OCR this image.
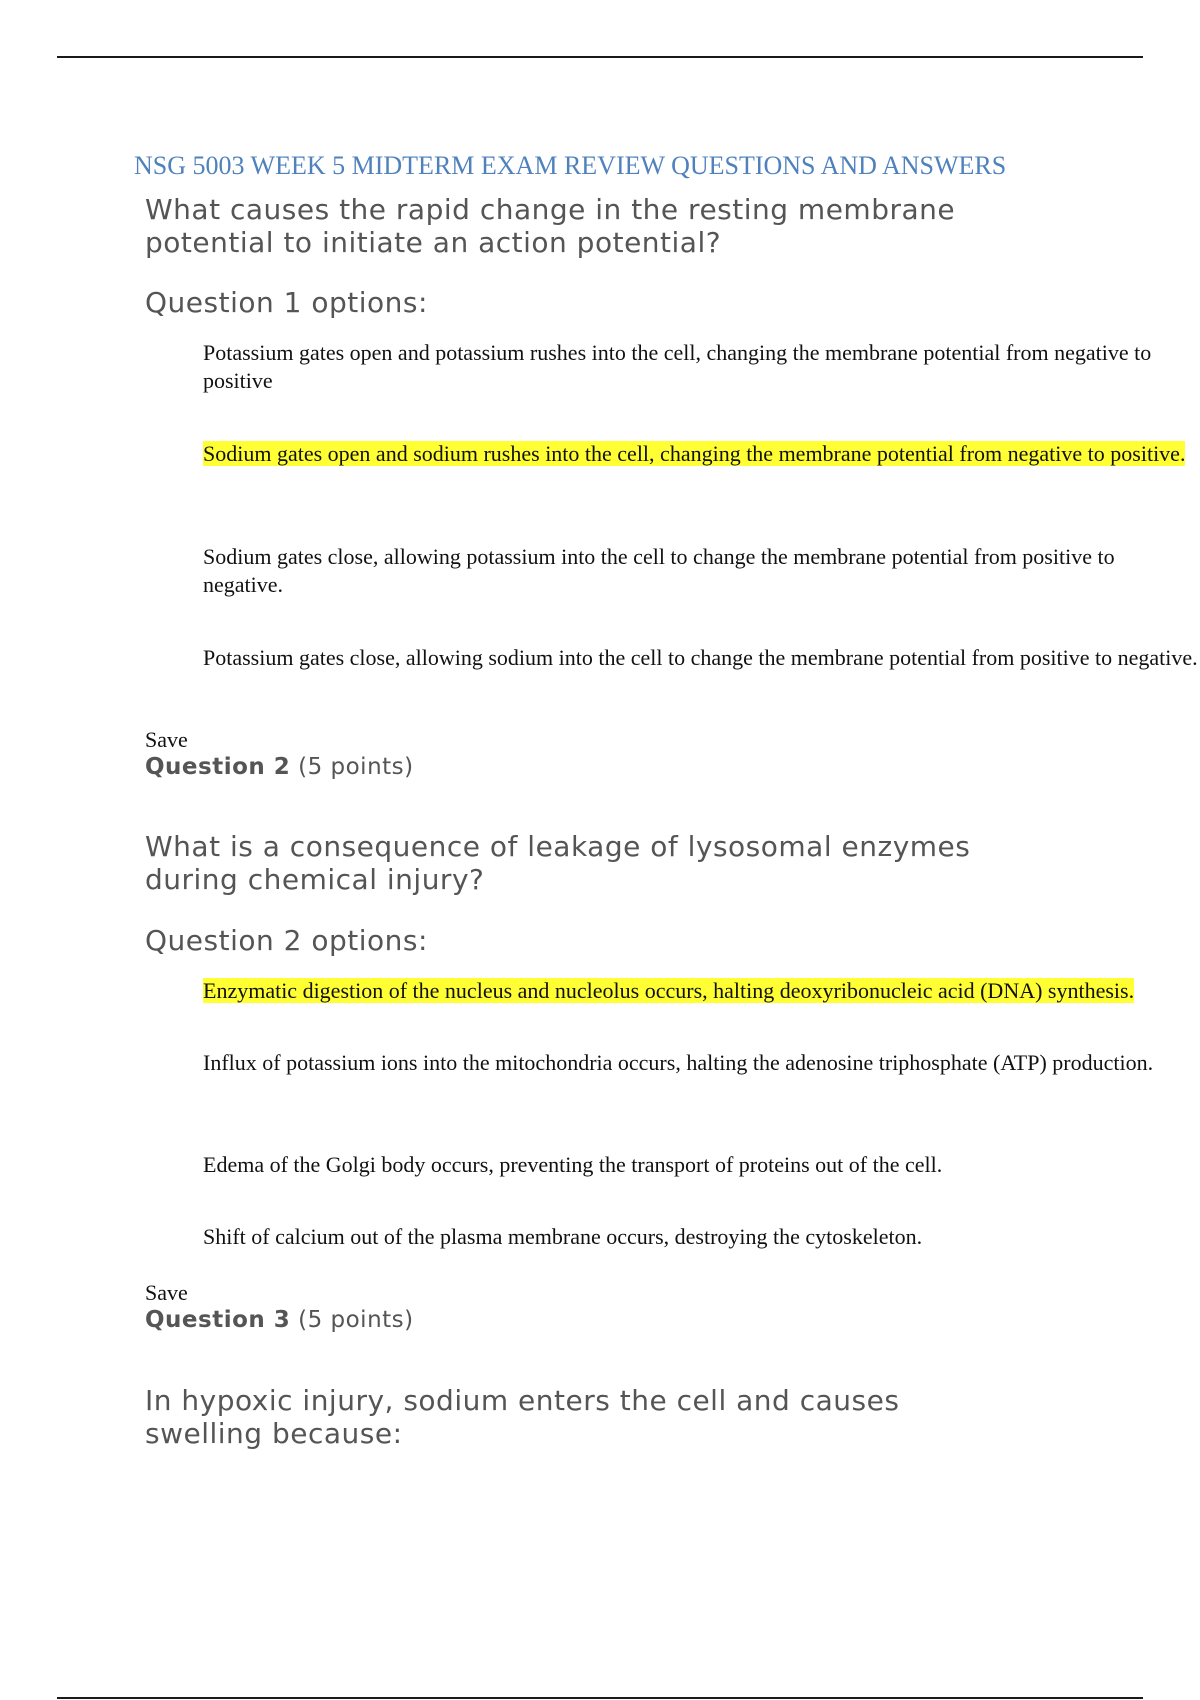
NSG 5003 WEEK 5 MIDTERM EXAM REVIEW QUESTIONS AND ANSWERS
What causes the rapid change in the resting membrane potential to initiate an action potential?
Question 1 options:
Potassium gates open and potassium rushes into the cell, changing the membrane potential from negative to positive
Sodium gates open and sodium rushes into the cell, changing the membrane potential from negative to positive.
Sodium gates close, allowing potassium into the cell to change the membrane potential from positive to negative.
Potassium gates close, allowing sodium into the cell to change the membrane potential from positive to negative.
Save
Question 2 (5 points)
What is a consequence of leakage of lysosomal enzymes during chemical injury?
Question 2 options:
Enzymatic digestion of the nucleus and nucleolus occurs, halting deoxyribonucleic acid (DNA) synthesis.
Influx of potassium ions into the mitochondria occurs, halting the adenosine triphosphate (ATP) production.
Edema of the Golgi body occurs, preventing the transport of proteins out of the cell.
Shift of calcium out of the plasma membrane occurs, destroying the cytoskeleton.
Save
Question 3 (5 points)
In hypoxic injury, sodium enters the cell and causes swelling because:
